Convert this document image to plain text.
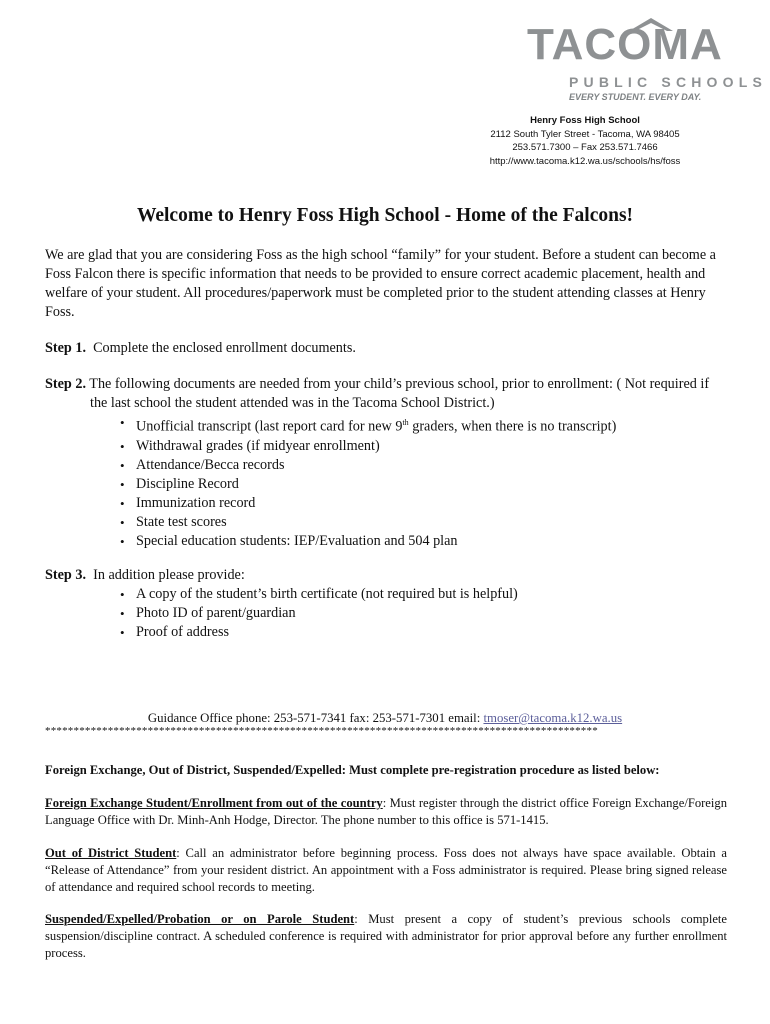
TACOMA
PUBLIC SCHOOLS
EVERY STUDENT. EVERY DAY.
Henry Foss High School
2112 South Tyler Street - Tacoma, WA 98405
253.571.7300 – Fax 253.571.7466
http://www.tacoma.k12.wa.us/schools/hs/foss
Welcome to Henry Foss High School - Home of the Falcons!
We are glad that you are considering Foss as the high school “family” for your student. Before a student can become a Foss Falcon there is specific information that needs to be provided to ensure correct academic placement, health and welfare of your student. All procedures/paperwork must be completed prior to the student attending classes at Henry Foss.
Step 1. Complete the enclosed enrollment documents.
Step 2. The following documents are needed from your child’s previous school, prior to enrollment: ( Not required if the last school the student attended was in the Tacoma School District.)
• Unofficial transcript (last report card for new 9th graders, when there is no transcript)
• Withdrawal grades (if midyear enrollment)
• Attendance/Becca records
• Discipline Record
• Immunization record
• State test scores
• Special education students: IEP/Evaluation and 504 plan
Step 3. In addition please provide:
• A copy of the student’s birth certificate (not required but is helpful)
• Photo ID of parent/guardian
• Proof of address
Guidance Office phone: 253-571-7341 fax: 253-571-7301 email: tmoser@tacoma.k12.wa.us
*************************************************************************************************
Foreign Exchange, Out of District, Suspended/Expelled: Must complete pre-registration procedure as listed below:
Foreign Exchange Student/Enrollment from out of the country: Must register through the district office Foreign Exchange/Foreign Language Office with Dr. Minh-Anh Hodge, Director. The phone number to this office is 571-1415.
Out of District Student: Call an administrator before beginning process. Foss does not always have space available. Obtain a “Release of Attendance” from your resident district. An appointment with a Foss administrator is required. Please bring signed release of attendance and required school records to meeting.
Suspended/Expelled/Probation or on Parole Student: Must present a copy of student’s previous schools complete suspension/discipline contract. A scheduled conference is required with administrator for prior approval before any further enrollment process.
